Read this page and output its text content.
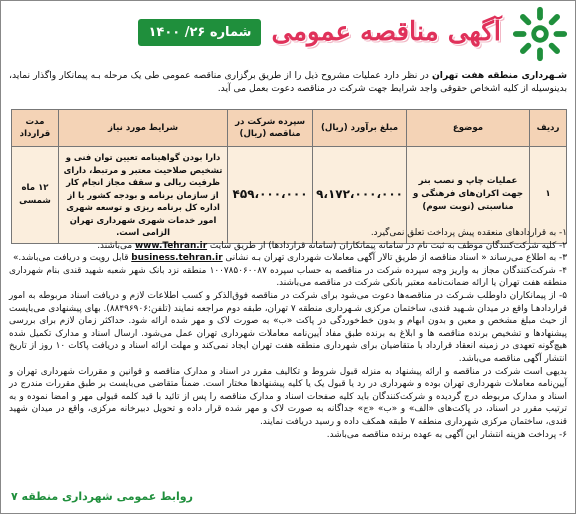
آگهی مناقصه عمومی
شماره ۲۶/ ۱۴۰۰
شـهرداری منطقه هفت تهران در نظر دارد عملیات مشروح ذیل را از طریق برگزاری مناقصه عمومی طی یک مرحله بـه پیمانکار واگذار نماید، بدینوسیله از کلیه اشخاص حقوقی واجد شرایط جهت شرکت در مناقصه دعوت بعمل می آید.
ردیف	موضوع	مبلغ برآورد (ریال)	سپرده شرکت در مناقصه (ریال)	شرایط مورد نیاز	مدت قرارداد
۱	عملیات چاپ و نصب بنر جهت اکران‌های فرهنگی و مناسبتی (نوبت سوم)	۹،۱۷۲،۰۰۰،۰۰۰	۴۵۹،۰۰۰،۰۰۰	دارا بودن گواهینامه تعیین توان فنی و تشخیص صلاحیت معتبر و مرتبط، دارای ظرفیت ریالی و سقف مجاز انجام کار از سازمان برنامه و بودجه کشور یا از اداره کل برنامه ریزی و توسعه شهری امور خدمات شهری شهرداری تهران الزامی است.	۱۲ ماه شمسی

۱- به قراردادهای منعقده پیش پرداخت تعلق نمی‌گیرد.

۲- کلیه شرکت‌کنندگان موظف به ثبت نام در سامانه پیمانکاران (سامانه قراردادها) از طریق سایت www.Tehran.ir می‌باشند.

۳- به اطلاع می‌رساند « اسناد مناقصه از طریق تالار آگهی معاملات شهرداری تهران بـه نشانی business.tehran.ir قابل رویت و دریافت می‌باشد.»

۴- شرکت‌کنندگان مجاز به واریز وجه سپرده شرکت در مناقصه به حساب سپرده ۱۰۰۷۸۵۰۶۰۰۸۷ منطقه نزد بانک شهر شعبه شهید قندی بنام شهرداری منطقه هفت تهران یا ارائه ضمانت‌نامه معتبر بانکی شرکت در مناقصه می‌باشند.

۵- از پیمانکاران داوطلب شـرکت در مناقصه‌ها دعوت می‌شود برای شرکت در مناقصه فوق‌الذکر و کسب اطلاعات لازم و دریافت اسناد مربوطه به امور قراردادهـا واقع در میدان شـهید قندی، ساختمان مرکزی شـهرداری منطقه ۷ تهران، طبقه دوم مراجعه نمایند (تلفن:۸۸۴۹۶۹۰۶). بهای پیشنهادی می‌بایست از حیث مبلغ مشخص و معین و بدون ابهام و بدون خط‌خوردگی در پاکت «ب» به صورت لاک و مهر شده ارائه شود. حداکثر زمان لازم برای بررسی پیشنهادها و تشخیص برنده مناقصه ها و ابلاغ به برنده طبق مفاد آیین‌نامه معاملات شهرداری تهران عمل می‌شود. ارسال اسناد و مدارک تکمیل شده هیچ‌گونه تعهدی در زمینه انعقاد قرارداد با متقاضیان برای شهرداری منطقه هفت تهران ایجاد نمی‌کند و مهلت ارائه اسناد و دریافت پاکات ۱۰ روز از تاریخ انتشار آگهی مناقصه می‌باشد.

بدیهی است شرکت در مناقصه و ارائه پیشنهاد به منزله قبول شروط و تکالیف مقرر در اسناد و مدارک مناقصه و قوانین و مقررات شهرداری تهران و آیین‌نامه معاملات شهرداری تهران بوده و شهرداری در رد یا قبول یک یا کلیه پیشنهادها مختار است. ضمناً متقاضی می‌بایست بر طبق مقررات مندرج در اسناد و مدارک مربوطه درج گردیده و شرکت‌کنندگان باید کلیه صفحات اسناد و مدارک مناقصه را پس از تائید با قید کلمه قبولی مهر و امضا نموده و به ترتیب مقرر در اسناد، در پاکت‌های «الف» و «ب» «ج» جداگانه به صورت لاک و مهر شده قرار داده و تحویل دبیرخانه مرکزی، واقع در میدان شهید قندی، ساختمان مرکزی شهرداری منطقه ۷ طبقه همکف داده و رسید دریافت نمایند.

۶- پرداخت هزینه انتشار این آگهی به عهده برنده مناقصه می‌باشد.

روابط عمومی شهرداری منطقه ۷
